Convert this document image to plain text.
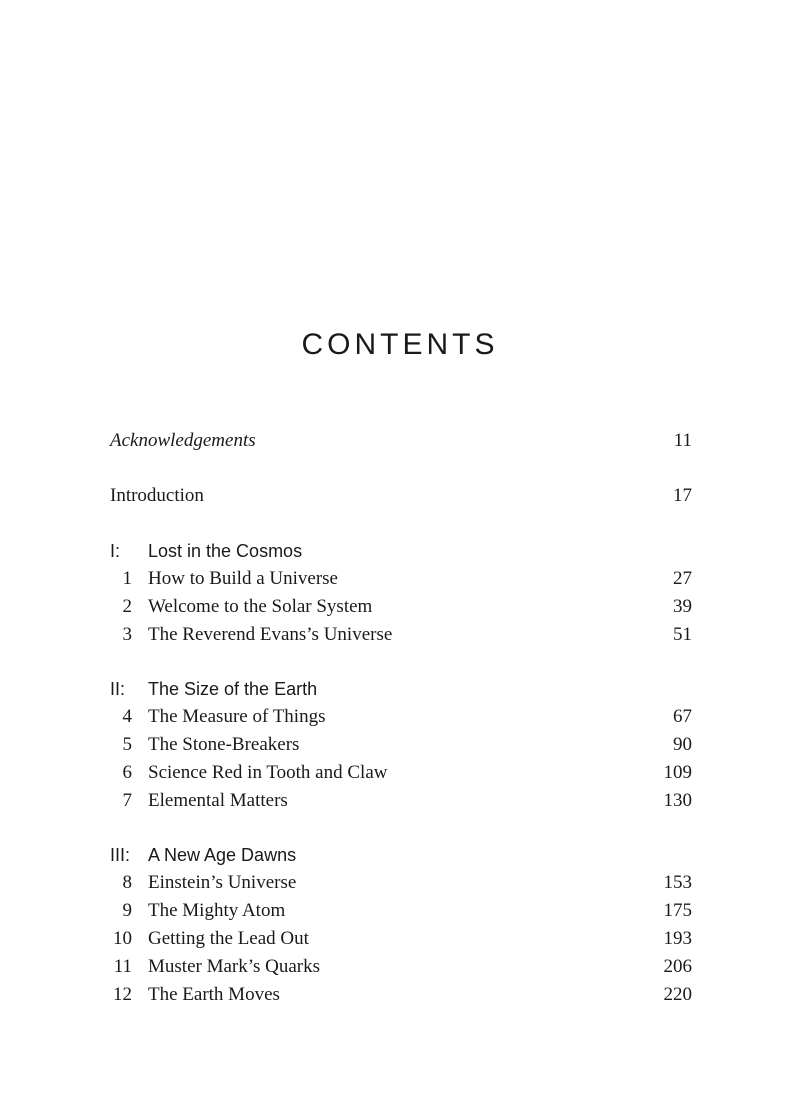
CONTENTS
Acknowledgements	11
Introduction	17
I: Lost in the Cosmos
1 How to Build a Universe	27
2 Welcome to the Solar System	39
3 The Reverend Evans’s Universe	51
II: The Size of the Earth
4 The Measure of Things	67
5 The Stone-Breakers	90
6 Science Red in Tooth and Claw	109
7 Elemental Matters	130
III: A New Age Dawns
8 Einstein’s Universe	153
9 The Mighty Atom	175
10 Getting the Lead Out	193
11 Muster Mark’s Quarks	206
12 The Earth Moves	220
